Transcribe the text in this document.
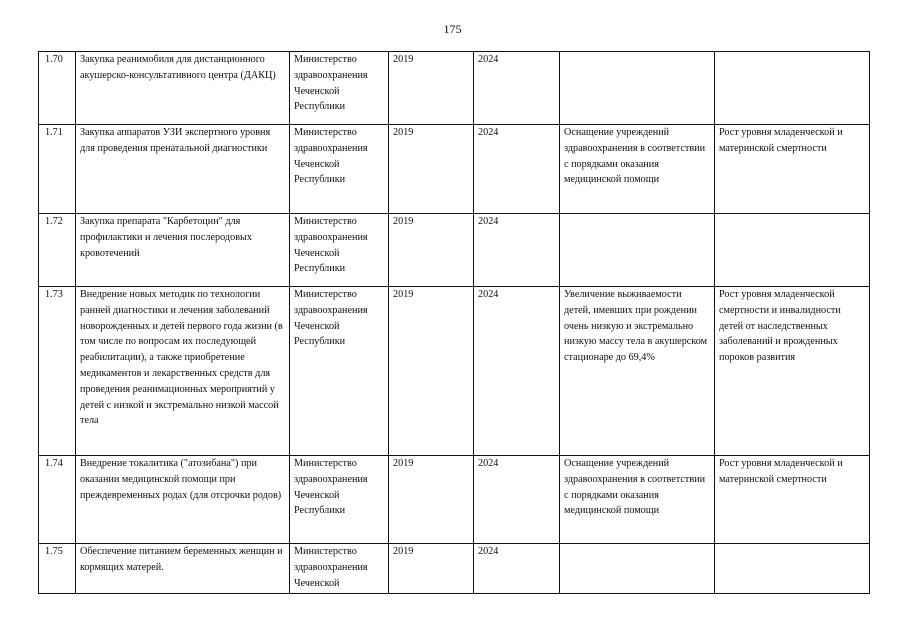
175
1.70	Закупка реанимобиля для дистанционного акушерско-консультативного центра (ДАКЦ)	Министерство здравоохранения Чеченской Республики	2019	2024		
1.71	Закупка аппаратов УЗИ экспертного уровня для проведения пренатальной диагностики	Министерство здравоохранения Чеченской Республики	2019	2024	Оснащение учреждений здравоохранения в соответствии с порядками оказания медицинской помощи	Рост уровня младенческой и материнской смертности
1.72	Закупка препарата "Карбетоцин" для профилактики и лечения послеродовых кровотечений	Министерство здравоохранения Чеченской Республики	2019	2024		
1.73	Внедрение новых методик по технологии ранней диагностики и лечения заболеваний новорожденных и детей первого года жизни (в том числе по вопросам их последующей реабилитации), а также приобретение медикаментов и лекарственных средств для проведения реанимационных мероприятий у детей с низкой и экстремально низкой массой тела	Министерство здравоохранения Чеченской Республики	2019	2024	Увеличение выживаемости детей, имевших при рождении очень низкую и экстремально низкую массу тела в акушерском стационаре до 69,4%	Рост уровня младенческой смертности и инвалидности детей от наследственных заболеваний и врожденных пороков развития
1.74	Внедрение токалитика ("атозибана") при оказании медицинской помощи при преждевременных родах (для отсрочки родов)	Министерство здравоохранения Чеченской Республики	2019	2024	Оснащение учреждений здравоохранения в соответствии с порядками оказания медицинской помощи	Рост уровня младенческой и материнской смертности
1.75	Обеспечение питанием беременных женщин и кормящих матерей.	Министерство здравоохранения Чеченской	2019	2024		
